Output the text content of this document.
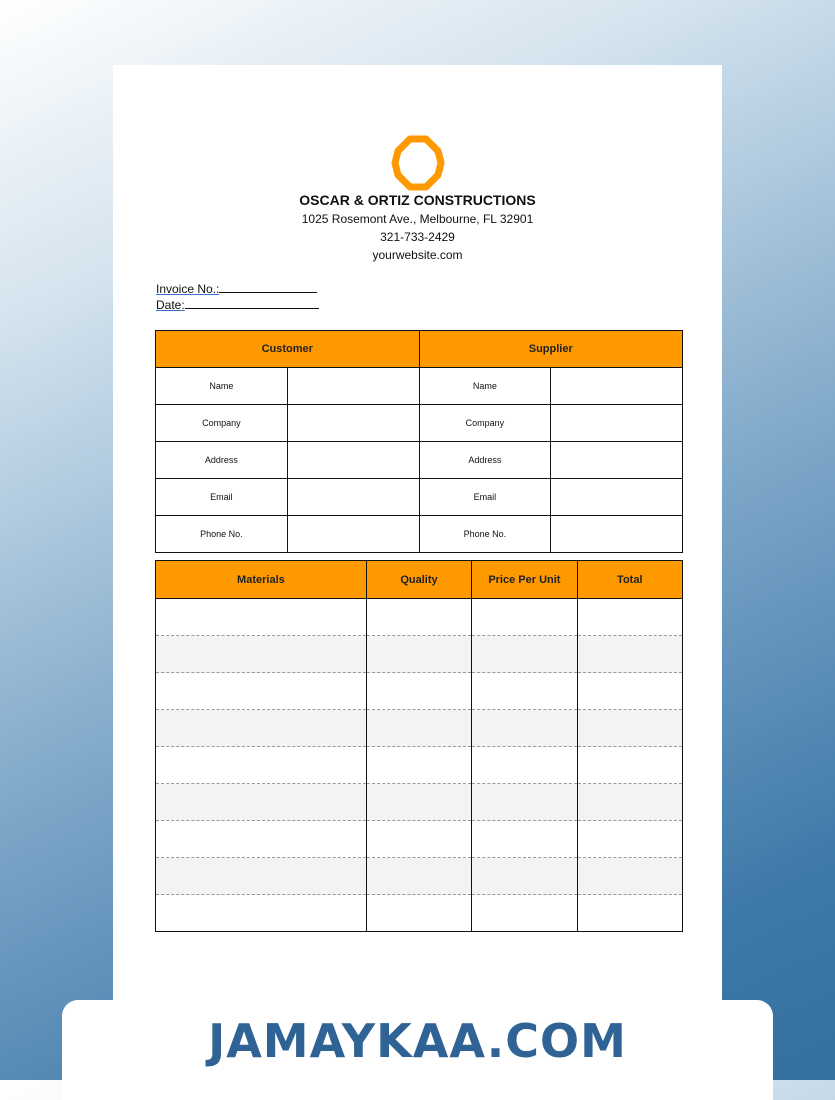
OSCAR & ORTIZ CONSTRUCTIONS
1025 Rosemont Ave., Melbourne, FL 32901
321-733-2429
yourwebsite.com
Invoice No.:
Date:
Customer		Supplier	
Name		Name	
Company		Company	
Address		Address	
Email		Email	
Phone No.		Phone No.	
Materials	Quality	Price Per Unit	Total

JAMAYKAA.COM
